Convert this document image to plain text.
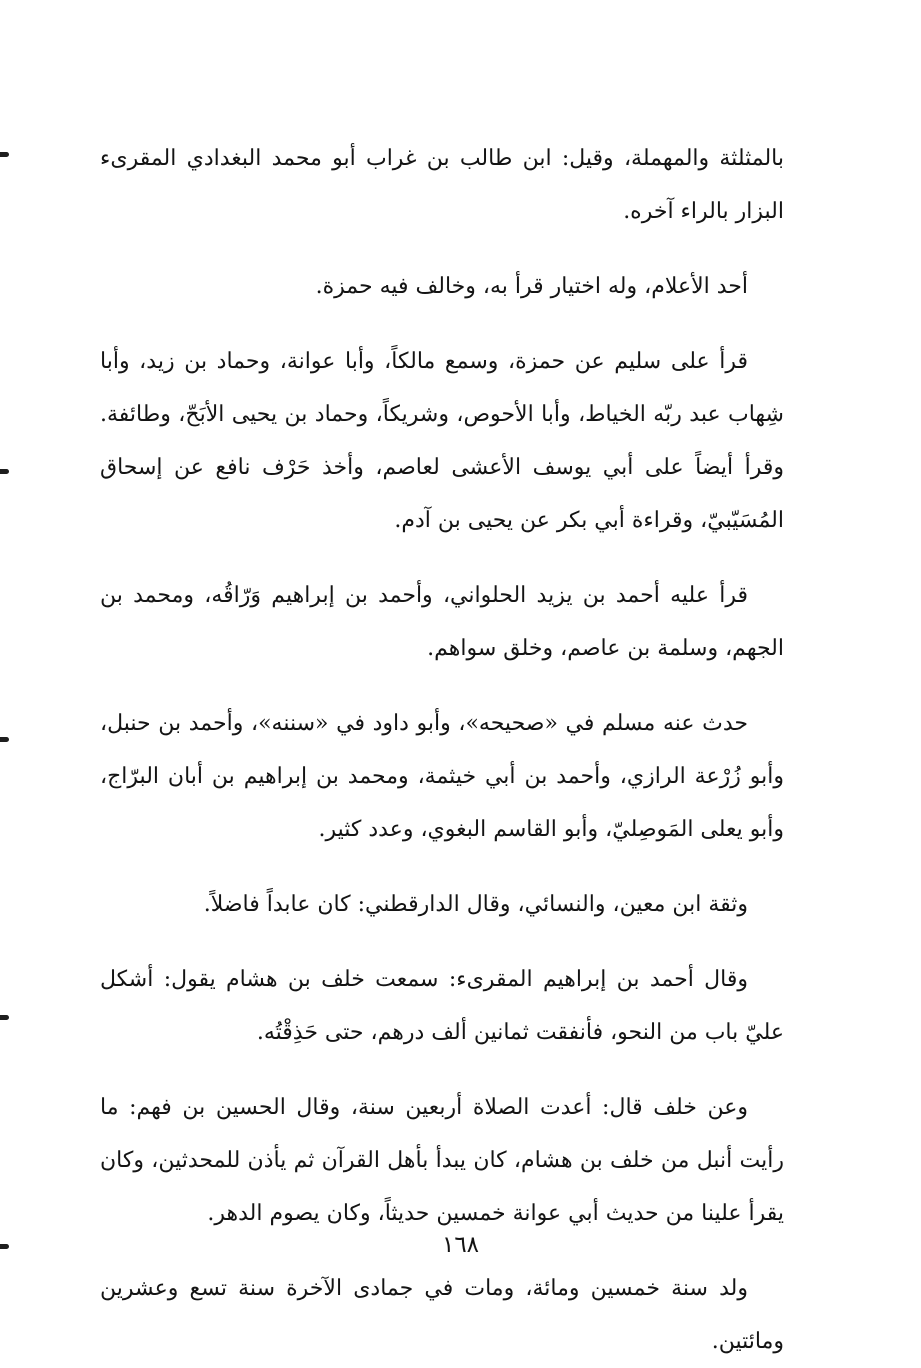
بالمثلثة والمهملة، وقيل: ابن طالب بن غراب أبو محمد البغدادي المقرىء البزار بالراء آخره.

أحد الأعلام، وله اختيار قرأ به، وخالف فيه حمزة.

قرأ على سليم عن حمزة، وسمع مالكاً، وأبا عوانة، وحماد بن زيد، وأبا شِهاب عبد ربّه الخياط، وأبا الأحوص، وشريكاً، وحماد بن يحيى الأبَحّ، وطائفة. وقرأ أيضاً على أبي يوسف الأعشى لعاصم، وأخذ حَرْف نافع عن إسحاق المُسَيّبيّ، وقراءة أبي بكر عن يحيى بن آدم.

قرأ عليه أحمد بن يزيد الحلواني، وأحمد بن إبراهيم وَرّاقُه، ومحمد بن الجهم، وسلمة بن عاصم، وخلق سواهم.

حدث عنه مسلم في «صحيحه»، وأبو داود في «سننه»، وأحمد بن حنبل، وأبو زُرْعة الرازي، وأحمد بن أبي خيثمة، ومحمد بن إبراهيم بن أبان البرّاج، وأبو يعلى المَوصِليّ، وأبو القاسم البغوي، وعدد كثير.

وثقة ابن معين، والنسائي، وقال الدارقطني: كان عابداً فاضلاً.

وقال أحمد بن إبراهيم المقرىء: سمعت خلف بن هشام يقول: أشكل عليّ باب من النحو، فأنفقت ثمانين ألف درهم، حتى حَذِقْتُه.

وعن خلف قال: أعدت الصلاة أربعين سنة، وقال الحسين بن فهم: ما رأيت أنبل من خلف بن هشام، كان يبدأ بأهل القرآن ثم يأذن للمحدثين، وكان يقرأ علينا من حديث أبي عوانة خمسين حديثاً، وكان يصوم الدهر.

ولد سنة خمسين ومائة، ومات في جمادى الآخرة سنة تسع وعشرين ومائتين.

١٦٨
